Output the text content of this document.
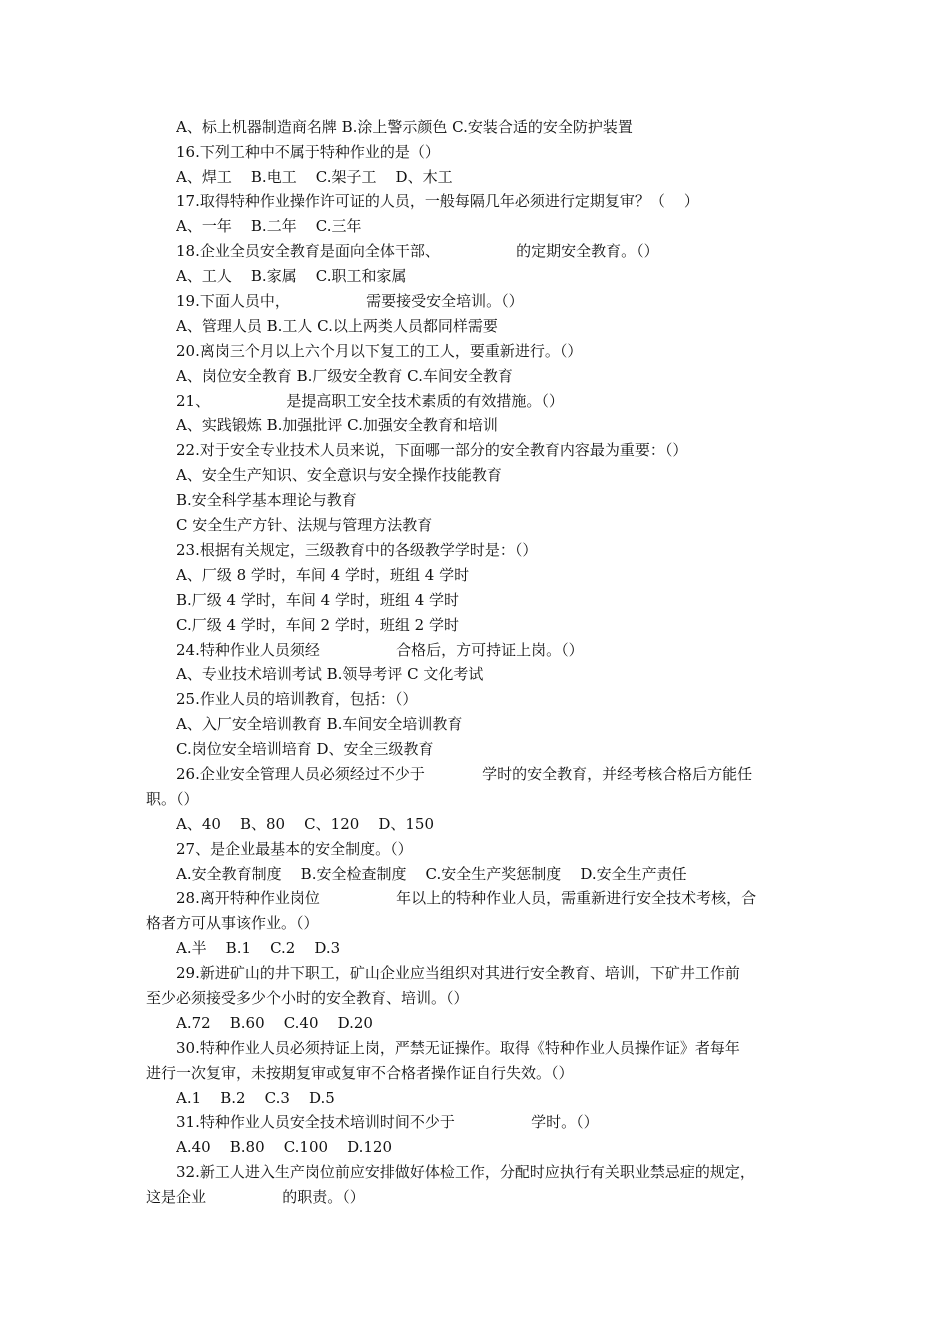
A、标上机器制造商名牌 B.涂上警示颜色 C.安装合适的安全防护装置
16.下列工种中不属于特种作业的是（）
A、焊工    B.电工    C.架子工    D、木工
17.取得特种作业操作许可证的人员，一般每隔几年必须进行定期复审？（    ）
A、一年    B.二年    C.三年
18.企业全员安全教育是面向全体干部、                的定期安全教育。（）
A、工人    B.家属    C.职工和家属
19.下面人员中，                需要接受安全培训。（）
A、管理人员 B.工人 C.以上两类人员都同样需要
20.离岗三个月以上六个月以下复工的工人，要重新进行。（）
A、岗位安全教育 B.厂级安全教育 C.车间安全教育
21、                是提高职工安全技术素质的有效措施。（）
A、实践锻炼 B.加强批评 C.加强安全教育和培训
22.对于安全专业技术人员来说，下面哪一部分的安全教育内容最为重要：（）
A、安全生产知识、安全意识与安全操作技能教育
B.安全科学基本理论与教育
C 安全生产方针、法规与管理方法教育
23.根据有关规定，三级教育中的各级教学学时是：（）
A、厂级 8 学时，车间 4 学时，班组 4 学时
B.厂级 4 学时，车间 4 学时，班组 4 学时
C.厂级 4 学时，车间 2 学时，班组 2 学时
24.特种作业人员须经                合格后，方可持证上岗。（）
A、专业技术培训考试 B.领导考评 C 文化考试
25.作业人员的培训教育，包括：（）
A、入厂安全培训教育 B.车间安全培训教育
C.岗位安全培训培育 D、安全三级教育
26.企业安全管理人员必须经过不少于            学时的安全教育，并经考核合格后方能任
职。（）
A、40    B、80    C、120    D、150
27、是企业最基本的安全制度。（）
A.安全教育制度    B.安全检查制度    C.安全生产奖惩制度    D.安全生产责任
28.离开特种作业岗位                年以上的特种作业人员，需重新进行安全技术考核，合
格者方可从事该作业。（）
A.半    B.1    C.2    D.3
29.新进矿山的井下职工，矿山企业应当组织对其进行安全教育、培训，下矿井工作前
至少必须接受多少个小时的安全教育、培训。（）
A.72    B.60    C.40    D.20
30.特种作业人员必须持证上岗，严禁无证操作。取得《特种作业人员操作证》者每年
进行一次复审，未按期复审或复审不合格者操作证自行失效。（）
A.1    B.2    C.3    D.5
31.特种作业人员安全技术培训时间不少于                学时。（）
A.40    B.80    C.100    D.120
32.新工人进入生产岗位前应安排做好体检工作，分配时应执行有关职业禁忌症的规定，
这是企业                的职责。（）
